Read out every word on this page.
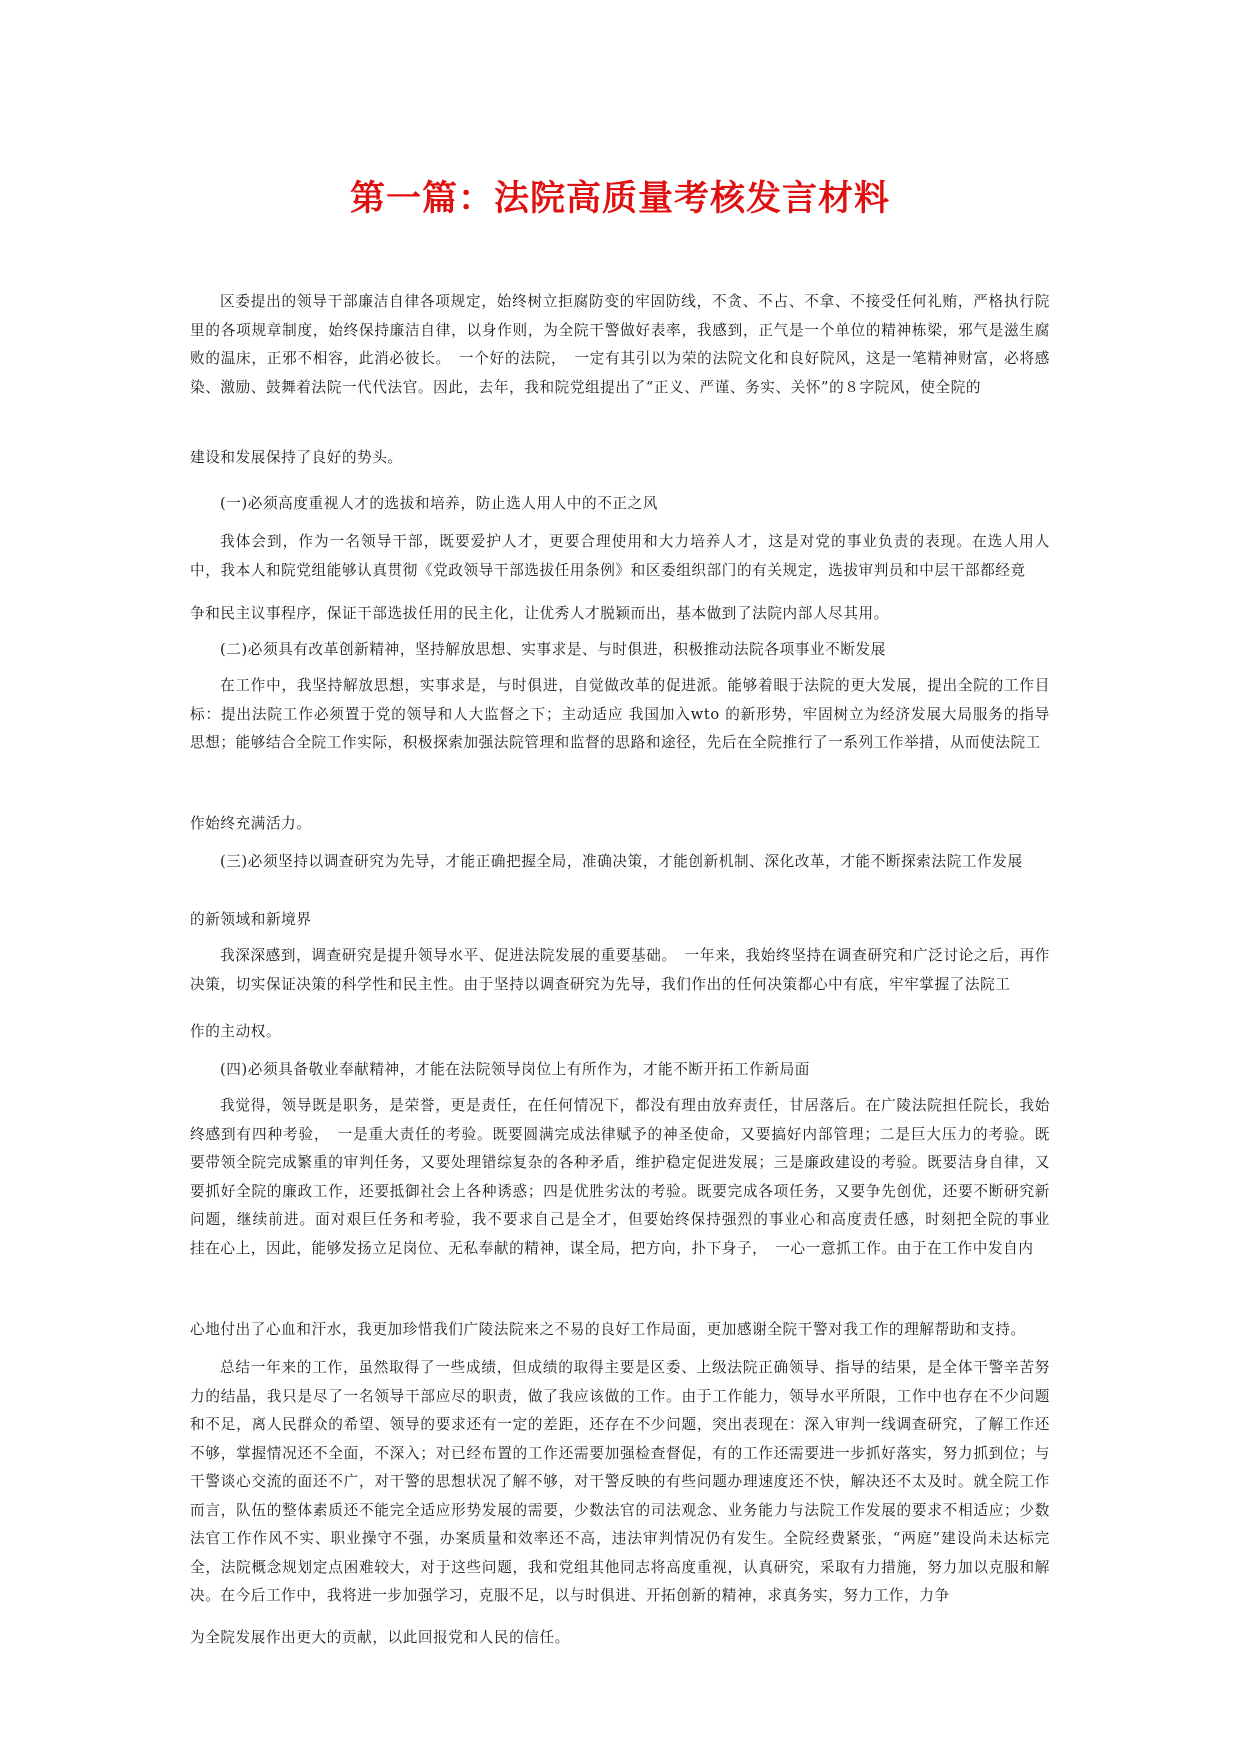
第一篇：法院高质量考核发言材料

区委提出的领导干部廉洁自律各项规定，始终树立拒腐防变的牢固防线，不贪、不占、不拿、不接受任何礼贿，严格执行院里的各项规章制度，始终保持廉洁自律，以身作则，为全院干警做好表率，我感到，正气是一个单位的精神栋梁，邪气是滋生腐败的温床，正邪不相容，此消必彼长。　一个好的法院，　一定有其引以为荣的法院文化和良好院风，这是一笔精神财富，必将感染、激励、鼓舞着法院一代代法官。因此，去年，我和院党组提出了“正义、严谨、务实、关怀”的８字院风，使全院的

建设和发展保持了良好的势头。

(一)必须高度重视人才的选拔和培养，防止选人用人中的不正之风

我体会到，作为一名领导干部，既要爱护人才，更要合理使用和大力培养人才，这是对党的事业负责的表现。在选人用人中，我本人和院党组能够认真贯彻《党政领导干部选拔任用条例》和区委组织部门的有关规定，选拔审判员和中层干部都经竟

争和民主议事程序，保证干部选拔任用的民主化，让优秀人才脱颖而出，基本做到了法院内部人尽其用。

(二)必须具有改革创新精神，坚持解放思想、实事求是、与时俱进，积极推动法院各项事业不断发展

在工作中，我坚持解放思想，实事求是，与时俱进，自觉做改革的促进派。能够着眼于法院的更大发展，提出全院的工作目标：提出法院工作必须置于党的领导和人大监督之下；主动适应 我国加入wto 的新形势，牢固树立为经济发展大局服务的指导　思想；能够结合全院工作实际，积极探索加强法院管理和监督的思路和途径，先后在全院推行了一系列工作举措，从而使法院工

作始终充满活力。

(三)必须坚持以调查研究为先导，才能正确把握全局，准确决策，才能创新机制、深化改革，才能不断探索法院工作发展

的新领域和新境界

我深深感到，调查研究是提升领导水平、促进法院发展的重要基础。　一年来，我始终坚持在调查研究和广泛讨论之后，再作决策，切实保证决策的科学性和民主性。由于坚持以调查研究为先导，我们作出的任何决策都心中有底，牢牢掌握了法院工

作的主动权。

(四)必须具备敬业奉献精神，才能在法院领导岗位上有所作为，才能不断开拓工作新局面

我觉得，领导既是职务，是荣誉，更是责任，在任何情况下，都没有理由放弃责任，甘居落后。在广陵法院担任院长，我始终感到有四种考验，　一是重大责任的考验。既要圆满完成法律赋予的神圣使命，又要搞好内部管理；二是巨大压力的考验。既 要带领全院完成繁重的审判任务，又要处理错综复杂的各种矛盾，维护稳定促进发展；三是廉政建设的考验。既要洁身自律，又 要抓好全院的廉政工作，还要抵御社会上各种诱惑；四是优胜劣汰的考验。既要完成各项任务，又要争先创优，还要不断研究新 问题，继续前进。面对艰巨任务和考验，我不要求自己是全才，但要始终保持强烈的事业心和高度责任感，时刻把全院的事业　挂在心上，因此，能够发扬立足岗位、无私奉献的精神，谋全局，把方向，扑下身子，　一心一意抓工作。由于在工作中发自内

心地付出了心血和汗水，我更加珍惜我们广陵法院来之不易的良好工作局面，更加感谢全院干警对我工作的理解帮助和支持。

总结一年来的工作，虽然取得了一些成绩，但成绩的取得主要是区委、上级法院正确领导、指导的结果，是全体干警辛苦努力的结晶，我只是尽了一名领导干部应尽的职责，做了我应该做的工作。由于工作能力，领导水平所限，工作中也存在不少问题和不足，离人民群众的希望、领导的要求还有一定的差距，还存在不少问题，突出表现在：深入审判一线调查研究，了解工作还不够，掌握情况还不全面，不深入；对已经布置的工作还需要加强检查督促，有的工作还需要进一步抓好落实，努力抓到位；与干警谈心交流的面还不广，对干警的思想状况了解不够，对干警反映的有些问题办理速度还不快，解决还不太及时。就全院工作而言，队伍的整体素质还不能完全适应形势发展的需要，少数法官的司法观念、业务能力与法院工作发展的要求不相适应；少数法官工作作风不实、职业操守不强，办案质量和效率还不高，违法审判情况仍有发生。全院经费紧张，“两庭”建设尚未达标完全，法院概念规划定点困难较大，对于这些问题，我和党组其他同志将高度重视，认真研究，采取有力措施，努力加以克服和解决。在今后工作中，我将进一步加强学习，克服不足，以与时俱进、开拓创新的精神，求真务实，努力工作，力争

为全院发展作出更大的贡献，以此回报党和人民的信任。
